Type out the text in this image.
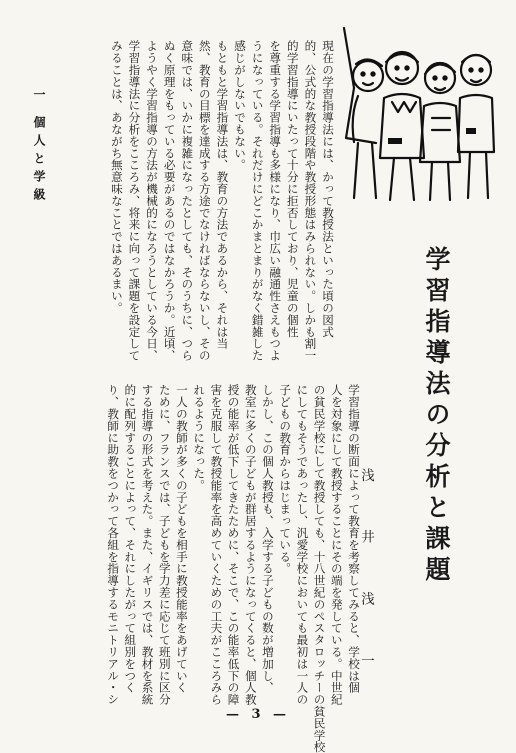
学習指導法の分析と課題
浅 井 浅 一
一 個人と学級	現在の学習指導法には、かって教授法といった頃の図式
的、公式的な教授段階や教授形態はみられない。しかも割一
的学習指導にいたって十分に拒否しており、児童の個性
を尊重する学習指導も多様になり、巾広い融通性さえもつよ
うになっている。それだけにどこかまとまりがなく錯雑した
感じがしないでもない。
もともと学習指導法は、教育の方法であるから、それは当
然、教育の目標を達成する方途でなければならないし、その
意味では、いかに複雑になったとしても、そのうちに、つら
ぬく原理をもっている必要があるのではなかろうか。近頃、
ようやく学習指導の方法が機械的になろうとしている今日、
学習指導法に分析をこころみ、将来に向って課題を設定して
みることは、あながち無意味なことではあるまい。
学習指導の断面によって教育を考察してみると、学校は個
人を対象にして教授することにその端を発している。中世紀
の貧民学校にして教授しても、十八世紀のペスタロッチーの貧民学校
にしてもそうであったし、汎愛学校においても最初は一人の
子どもの教育からはじまっている。
しかし、この個人教授も、入学する子どもの数が増加し、
教室に多くの子どもが群居するようになってくると、個人教
授の能率が低下してきたために、そこで、この能率低下の障
害を克服して教授能率を高めていくための工夫がこころみら
れるようになった。
一人の教師が多くの子どもを相手に教授能率をあげていく
ために、フランスでは、子どもを学力差に応じて班別に区分
する指導の形式を考えた。また、イギリスでは、教材を系統
的に配列することによって、それにしたがって組別をつく
り、教師に助教をつかって各組を指導するモニトリアル・シ
— 3 —
